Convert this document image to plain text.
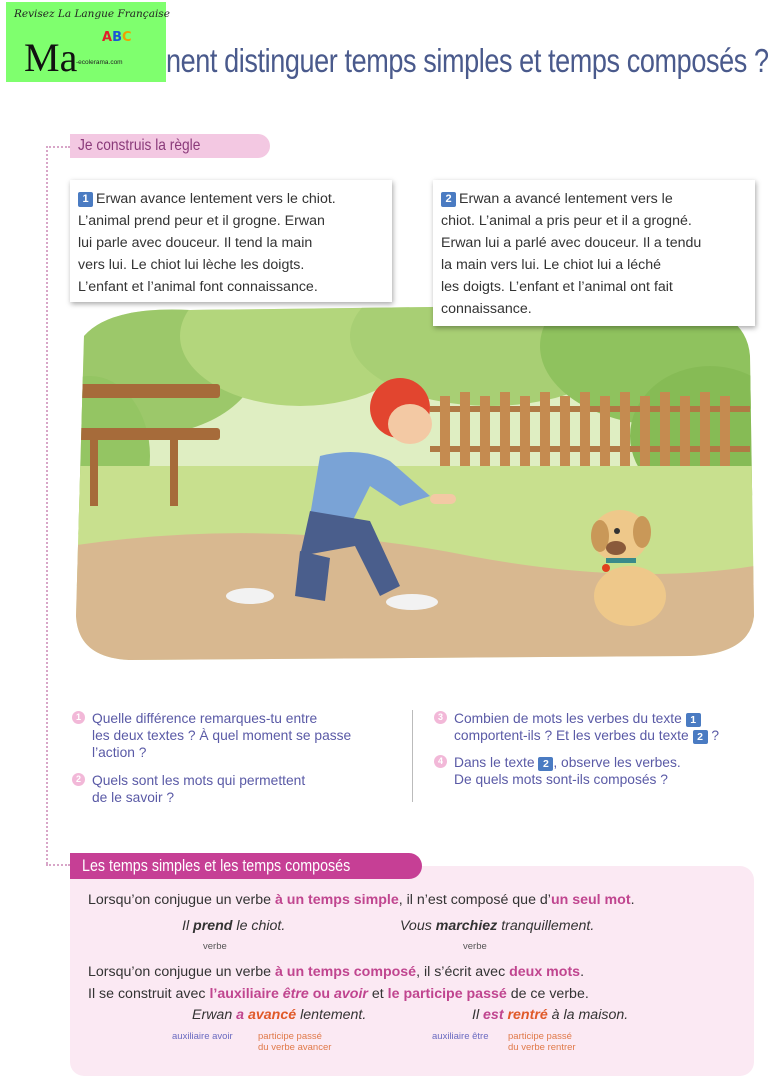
Revisez La Langue Française
Ma ABC
-ecolerama.com nent distinguer temps simples et temps composés ?
Je construis la règle
1 Erwan avance lentement vers le chiot.
L’animal prend peur et il grogne. Erwan
lui parle avec douceur. Il tend la main
vers lui. Le chiot lui lèche les doigts.
L’enfant et l’animal font connaissance.
2 Erwan a avancé lentement vers le
chiot. L’animal a pris peur et il a grogné.
Erwan lui a parlé avec douceur. Il a tendu
la main vers lui. Le chiot lui a léché
les doigts. L’enfant et l’animal ont fait
connaissance.
1 Quelle différence remarques-tu entre
les deux textes ? À quel moment se passe
l’action ?
2 Quels sont les mots qui permettent
de le savoir ?
3 Combien de mots les verbes du texte 1
comportent-ils ? Et les verbes du texte 2 ?
4 Dans le texte 2 , observe les verbes.
De quels mots sont-ils composés ?
Les temps simples et les temps composés
Lorsqu’on conjugue un verbe à un temps simple, il n’est composé que d’un seul mot.
Il prend le chiot.
verbe
Vous marchiez tranquillement.
verbe
Lorsqu’on conjugue un verbe à un temps composé, il s’écrit avec deux mots.
Il se construit avec l’auxiliaire être ou avoir et le participe passé de ce verbe.
Erwan a avancé lentement.
auxiliaire avoir	participe passé
du verbe avancer
Il est rentré à la maison.
auxiliaire être participe passé
du verbe rentrer
